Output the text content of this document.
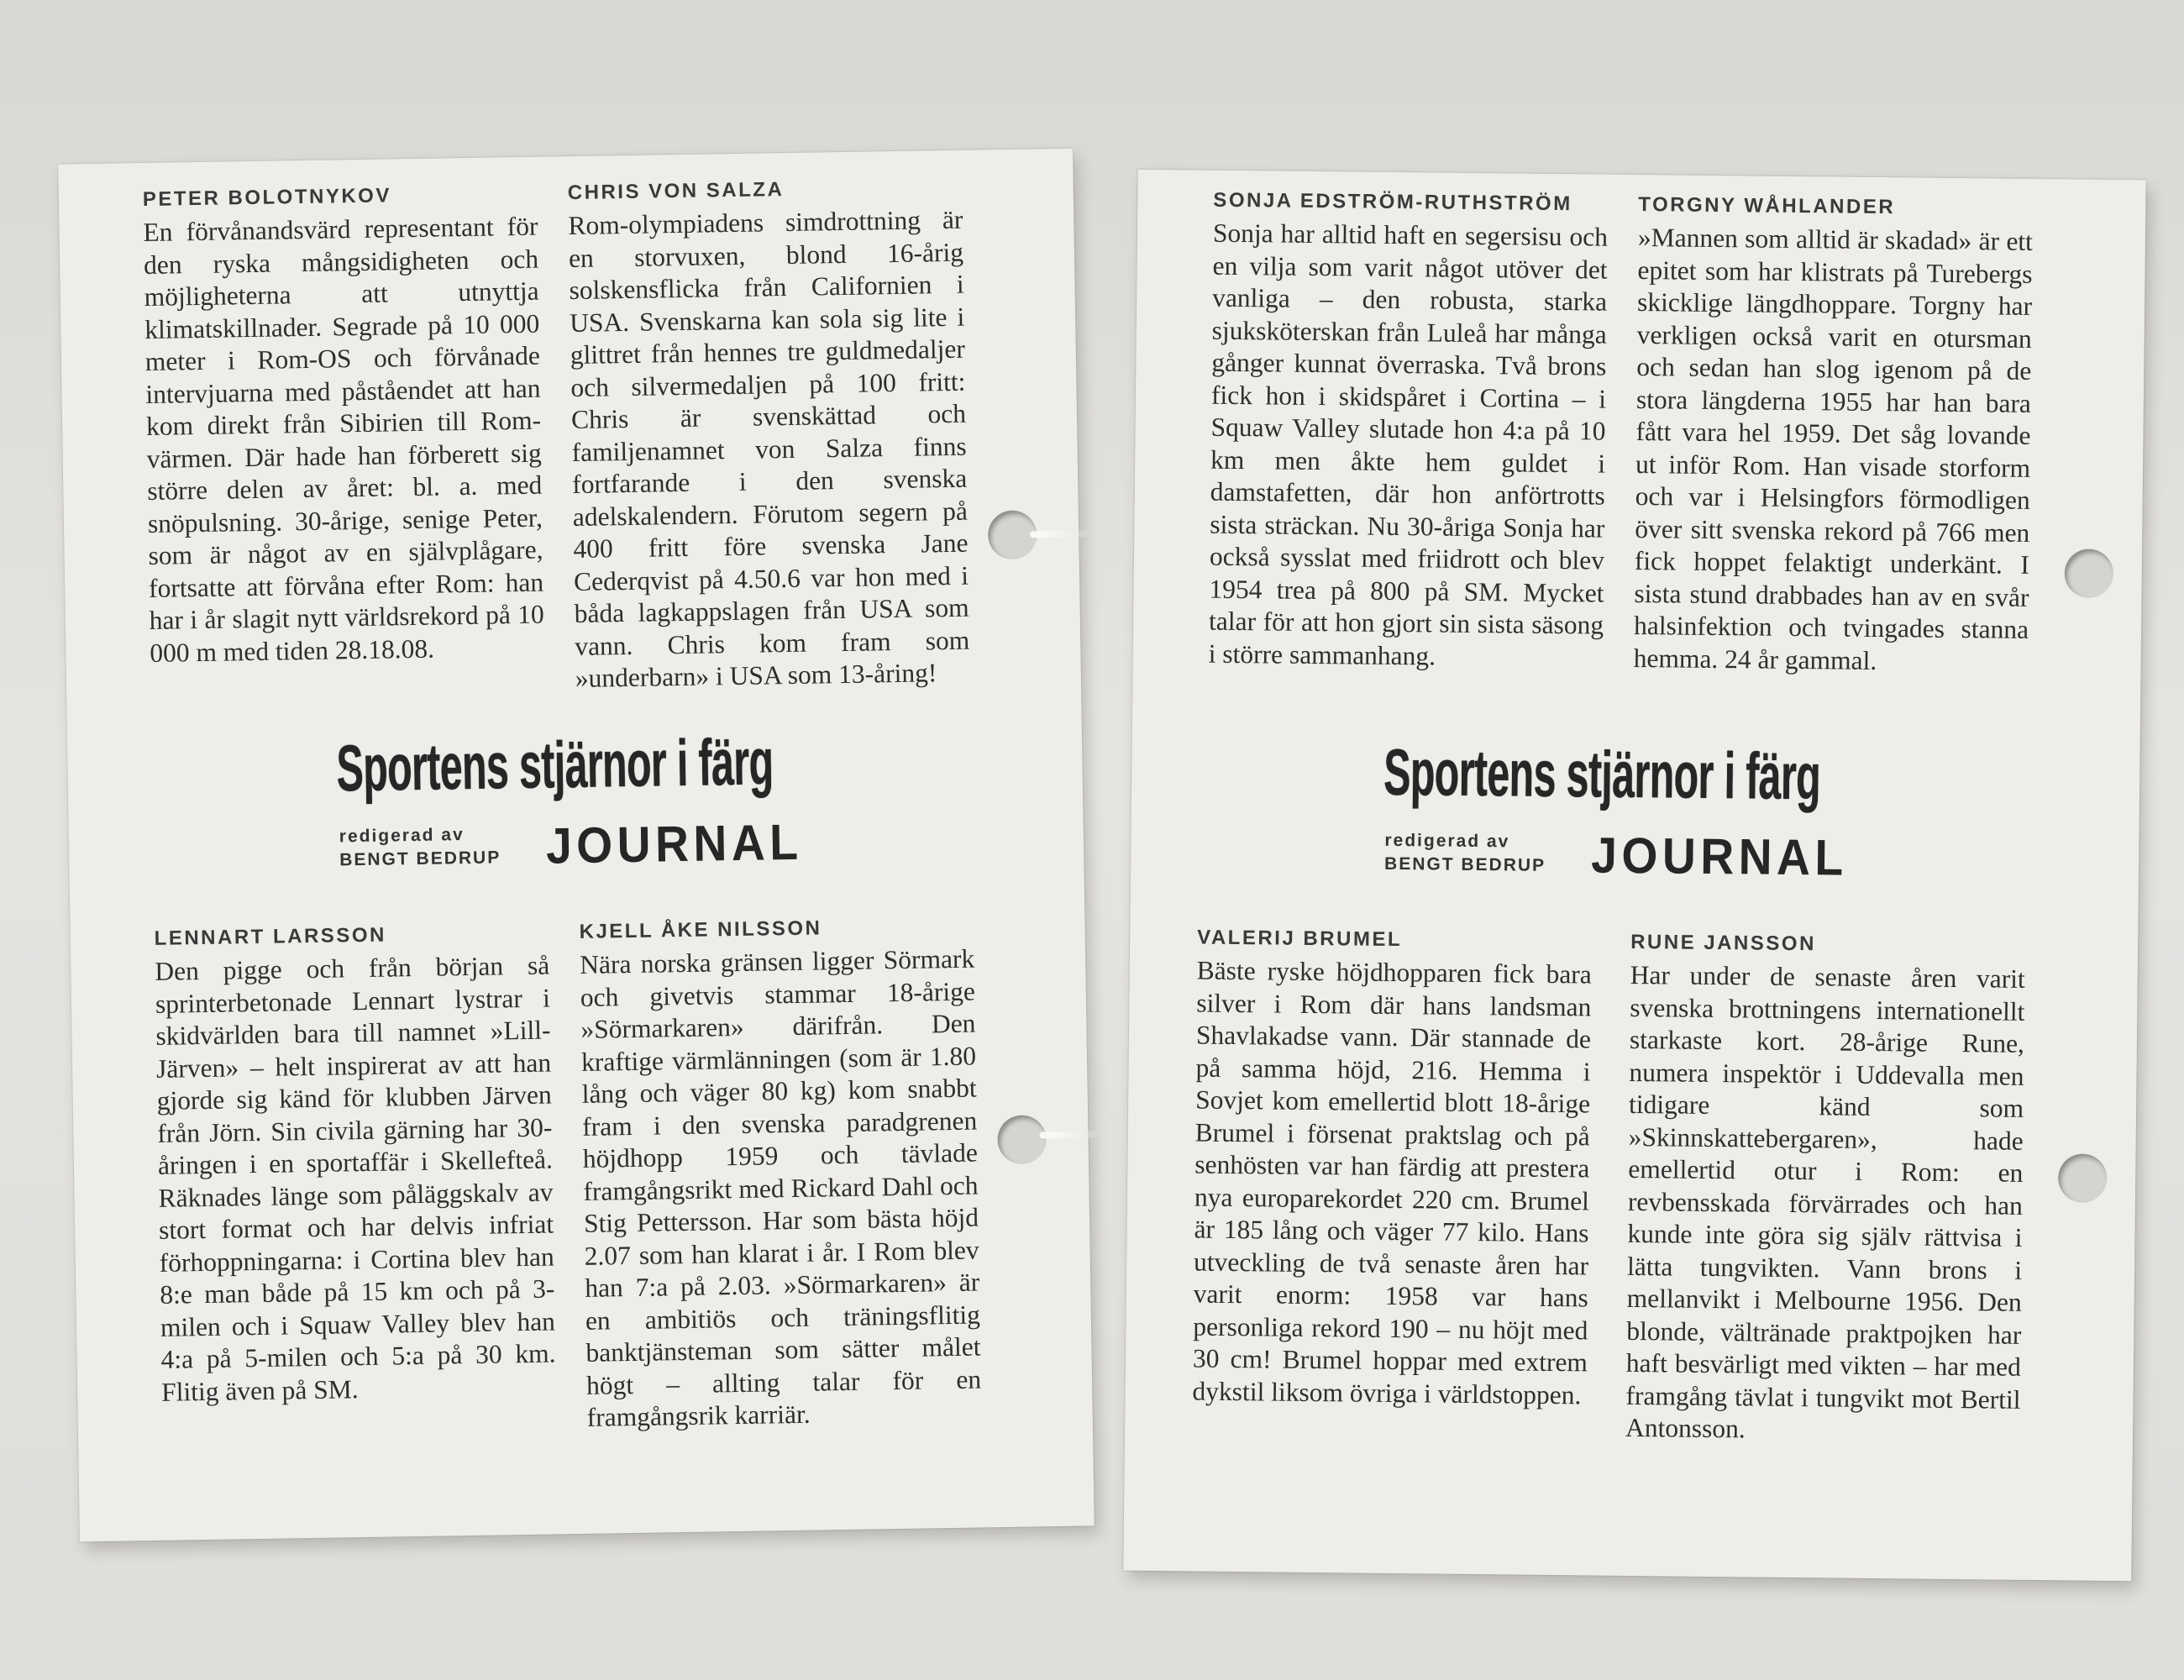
PETER BOLOTNYKOV

En förvånandsvärd representant för den ryska mångsidigheten och möjligheterna att utnyttja klimatskillnader. Segrade på 10 000 meter i Rom-OS och förvånade intervjuarna med påståendet att han kom direkt från Sibirien till Rom-värmen. Där hade han förberett sig större delen av året: bl. a. med snöpulsning. 30-årige, senige Peter, som är något av en självplågare, fortsatte att förvåna efter Rom: han har i år slagit nytt världsrekord på 10 000 m med tiden 28.18.08.

CHRIS VON SALZA

Rom-olympiadens simdrottning är en storvuxen, blond 16-årig solskensflicka från Californien i USA. Svenskarna kan sola sig lite i glittret från hennes tre guldmedaljer och silvermedaljen på 100 fritt: Chris är svenskättad och familjenamnet von Salza finns fortfarande i den svenska adelskalendern. Förutom segern på 400 fritt före svenska Jane Cederqvist på 4.50.6 var hon med i båda lagkappslagen från USA som vann. Chris kom fram som »underbarn» i USA som 13-åring!

Sportens stjärnor i färg
redigerad av
BENGT BEDRUP JOURNAL
LENNART LARSSON

Den pigge och från början så sprinterbetonade Lennart lystrar i skidvärlden bara till namnet »Lill-Järven» – helt inspirerat av att han gjorde sig känd för klubben Järven från Jörn. Sin civila gärning har 30-åringen i en sportaffär i Skellefteå. Räknades länge som påläggskalv av stort format och har delvis infriat förhoppningarna: i Cortina blev han 8:e man både på 15 km och på 3-milen och i Squaw Valley blev han 4:a på 5-milen och 5:a på 30 km. Flitig även på SM.

KJELL ÅKE NILSSON

Nära norska gränsen ligger Sörmark och givetvis stammar 18-årige »Sörmarkaren» därifrån. Den kraftige värmlänningen (som är 1.80 lång och väger 80 kg) kom snabbt fram i den svenska paradgrenen höjdhopp 1959 och tävlade framgångsrikt med Rickard Dahl och Stig Pettersson. Har som bästa höjd 2.07 som han klarat i år. I Rom blev han 7:a på 2.03. »Sörmarkaren» är en ambitiös och träningsflitig banktjänsteman som sätter målet högt – allting talar för en framgångsrik karriär.

SONJA EDSTRÖM-RUTHSTRÖM

Sonja har alltid haft en segersisu och en vilja som varit något utöver det vanliga – den robusta, starka sjuksköterskan från Luleå har många gånger kunnat överraska. Två brons fick hon i skidspåret i Cortina – i Squaw Valley slutade hon 4:a på 10 km men åkte hem guldet i damstafetten, där hon anförtrotts sista sträckan. Nu 30-åriga Sonja har också sysslat med friidrott och blev 1954 trea på 800 på SM. Mycket talar för att hon gjort sin sista säsong i större sammanhang.

TORGNY WÅHLANDER

»Mannen som alltid är skadad» är ett epitet som har klistrats på Turebergs skicklige längdhoppare. Torgny har verkligen också varit en otursman och sedan han slog igenom på de stora längderna 1955 har han bara fått vara hel 1959. Det såg lovande ut inför Rom. Han visade storform och var i Helsingfors förmodligen över sitt svenska rekord på 766 men fick hoppet felaktigt underkänt. I sista stund drabbades han av en svår halsinfektion och tvingades stanna hemma. 24 år gammal.

Sportens stjärnor i färg
redigerad av
BENGT BEDRUP JOURNAL
VALERIJ BRUMEL

Bäste ryske höjdhopparen fick bara silver i Rom där hans landsman Shavlakadse vann. Där stannade de på samma höjd, 216. Hemma i Sovjet kom emellertid blott 18-årige Brumel i försenat praktslag och på senhösten var han färdig att prestera nya europarekordet 220 cm. Brumel är 185 lång och väger 77 kilo. Hans utveckling de två senaste åren har varit enorm: 1958 var hans personliga rekord 190 – nu höjt med 30 cm! Brumel hoppar med extrem dykstil liksom övriga i världstoppen.

RUNE JANSSON

Har under de senaste åren varit svenska brottningens internationellt starkaste kort. 28-årige Rune, numera inspektör i Uddevalla men tidigare känd som »Skinnskattebergaren», hade emellertid otur i Rom: en revbensskada förvärrades och han kunde inte göra sig själv rättvisa i lätta tungvikten. Vann brons i mellanvikt i Melbourne 1956. Den blonde, vältränade praktpojken har haft besvärligt med vikten – har med framgång tävlat i tungvikt mot Bertil Antonsson.
